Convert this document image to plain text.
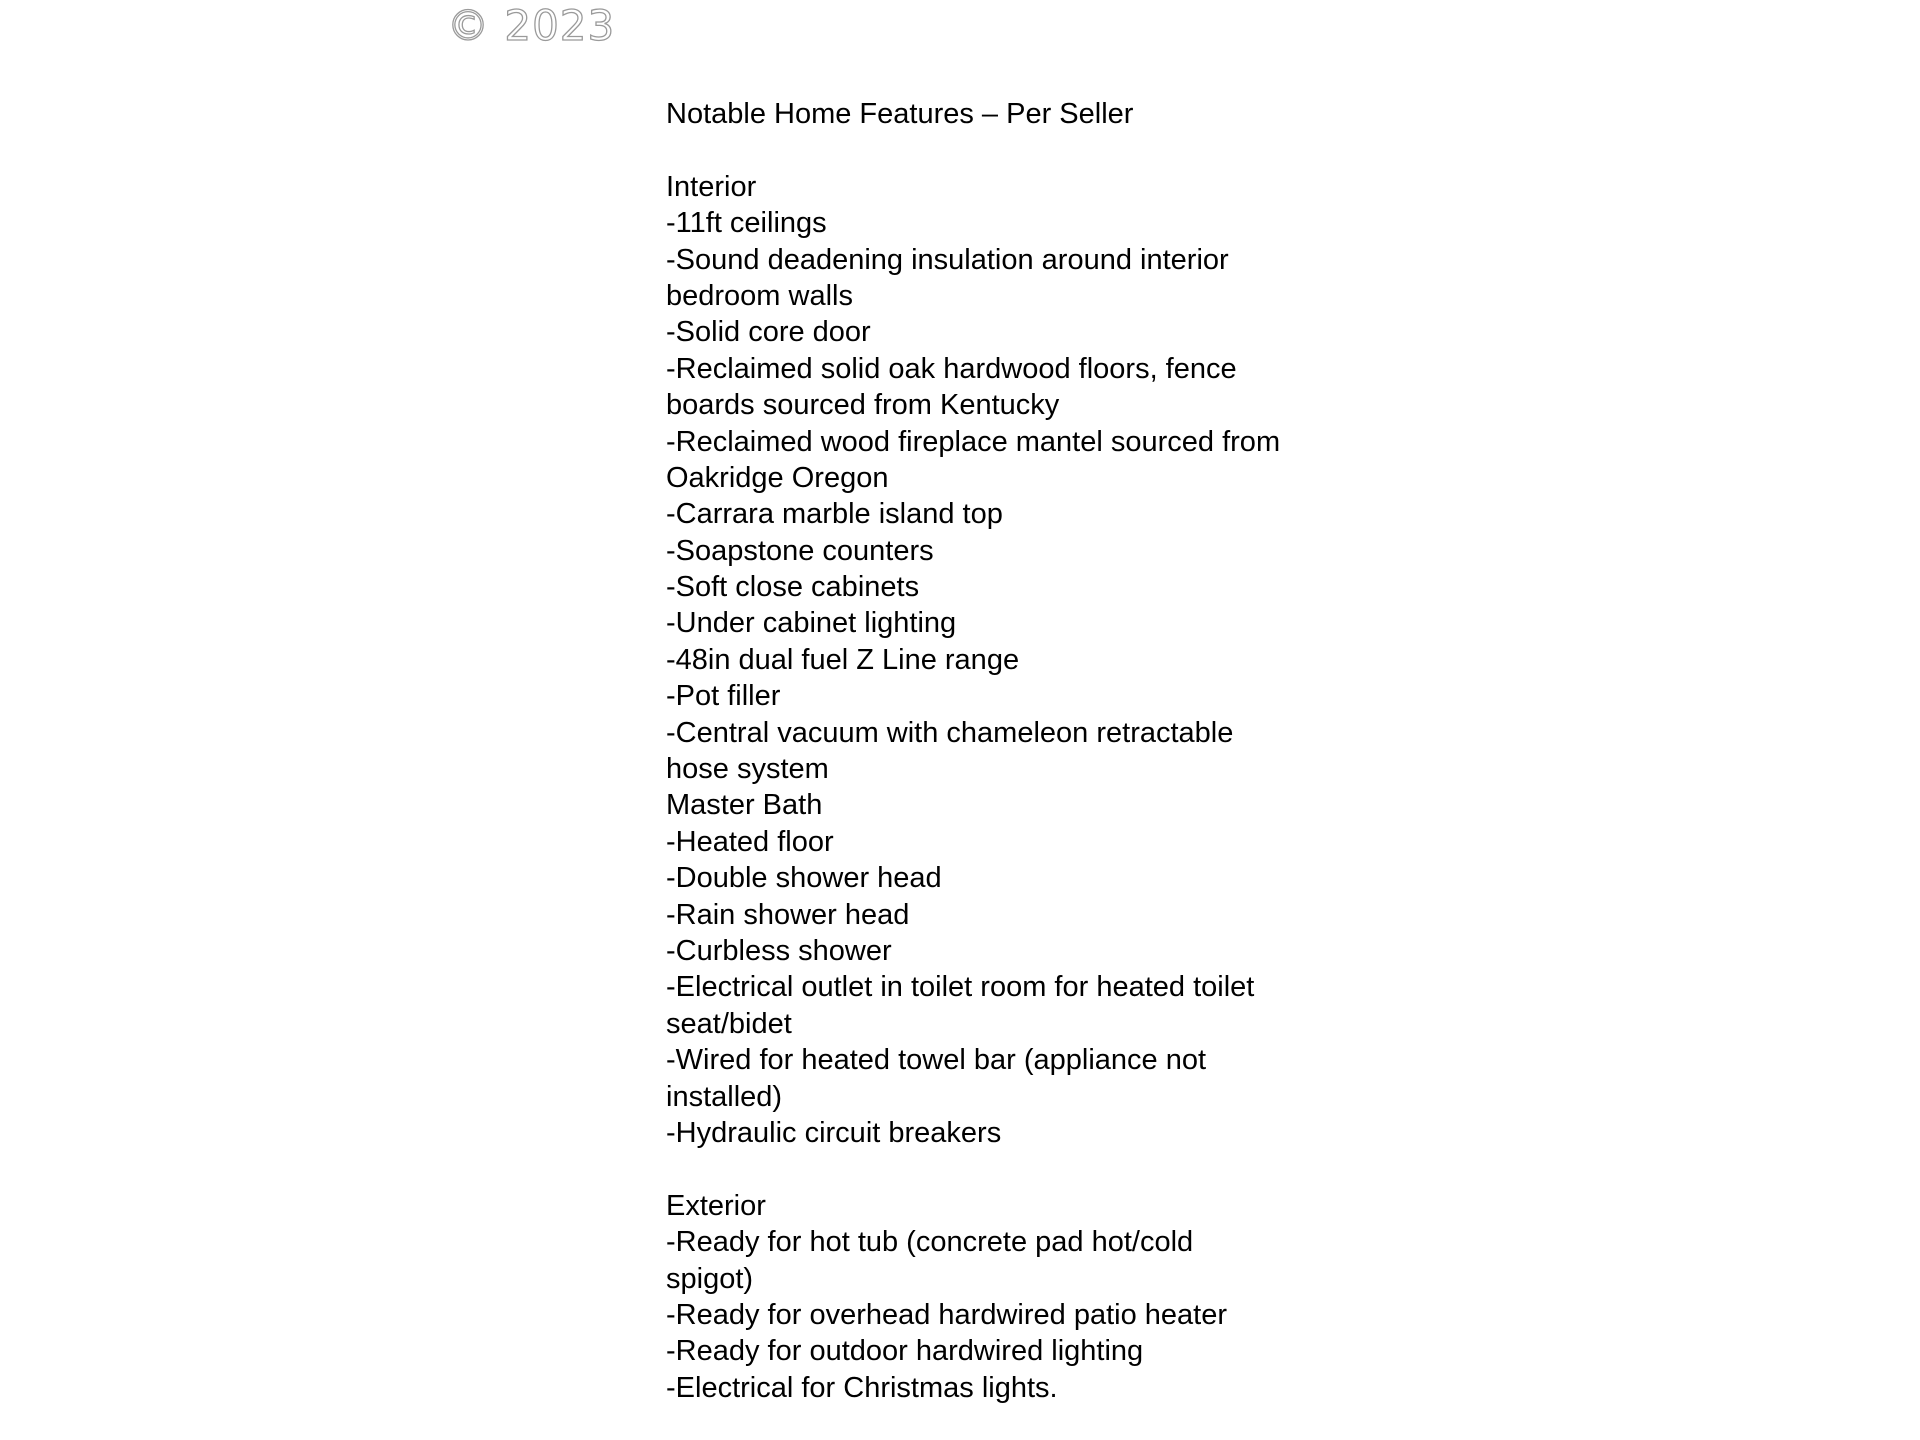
© 2023
Notable Home Features – Per Seller
Interior
-11ft ceilings
-Sound deadening insulation around interior
bedroom walls
-Solid core door
-Reclaimed solid oak hardwood floors, fence
boards sourced from Kentucky
-Reclaimed wood fireplace mantel sourced from
Oakridge Oregon
-Carrara marble island top
-Soapstone counters
-Soft close cabinets
-Under cabinet lighting
-48in dual fuel Z Line range
-Pot filler
-Central vacuum with chameleon retractable
hose system
Master Bath
-Heated floor
-Double shower head
-Rain shower head
-Curbless shower
-Electrical outlet in toilet room for heated toilet
seat/bidet
-Wired for heated towel bar (appliance not
installed)
-Hydraulic circuit breakers
Exterior
-Ready for hot tub (concrete pad hot/cold
spigot)
-Ready for overhead hardwired patio heater
-Ready for outdoor hardwired lighting
-Electrical for Christmas lights.
